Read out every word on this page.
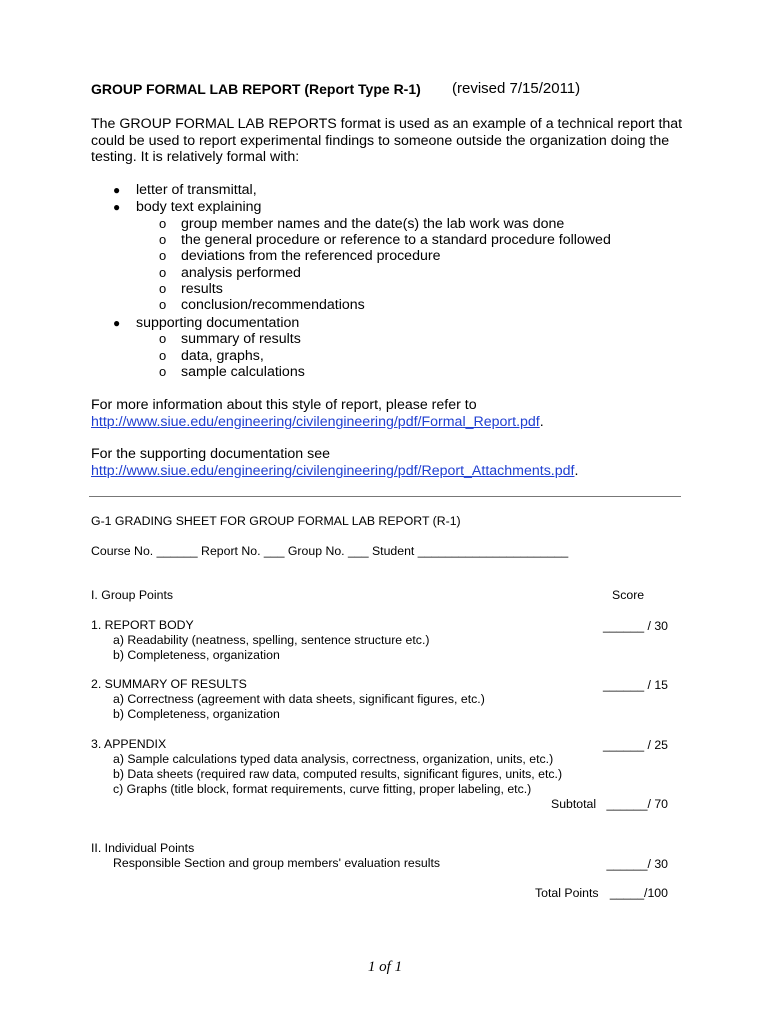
GROUP FORMAL LAB REPORT (Report Type R-1) (revised 7/15/2011)
The GROUP FORMAL LAB REPORTS format is used as an example of a technical report that
could be used to report experimental findings to someone outside the organization doing the
testing. It is relatively formal with:
● letter of transmittal,
● body text explaining
o group member names and the date(s) the lab work was done
o the general procedure or reference to a standard procedure followed
o deviations from the referenced procedure
o analysis performed
o results
o conclusion/recommendations
● supporting documentation
o summary of results
o data, graphs,
o sample calculations
For more information about this style of report, please refer to
http://www.siue.edu/engineering/civilengineering/pdf/Formal_Report.pdf.
For the supporting documentation see
http://www.siue.edu/engineering/civilengineering/pdf/Report_Attachments.pdf.
G-1 GRADING SHEET FOR GROUP FORMAL LAB REPORT (R-1)
Course No. ______ Report No. ___ Group No. ___ Student ______________________
I. Group Points	Score
1. REPORT BODY
a) Readability (neatness, spelling, sentence structure etc.)
b) Completeness, organization
______ / 30
2. SUMMARY OF RESULTS
a) Correctness (agreement with data sheets, significant figures, etc.)
b) Completeness, organization
______ / 15
3. APPENDIX
a) Sample calculations typed data analysis, correctness, organization, units, etc.)
b) Data sheets (required raw data, computed results, significant figures, units, etc.)
c) Graphs (title block, format requirements, curve fitting, proper labeling, etc.)
______ / 25
Subtotal ______/ 70
II. Individual Points
Responsible Section and group members' evaluation results	______/ 30
Total Points _____/100
1 of 1
